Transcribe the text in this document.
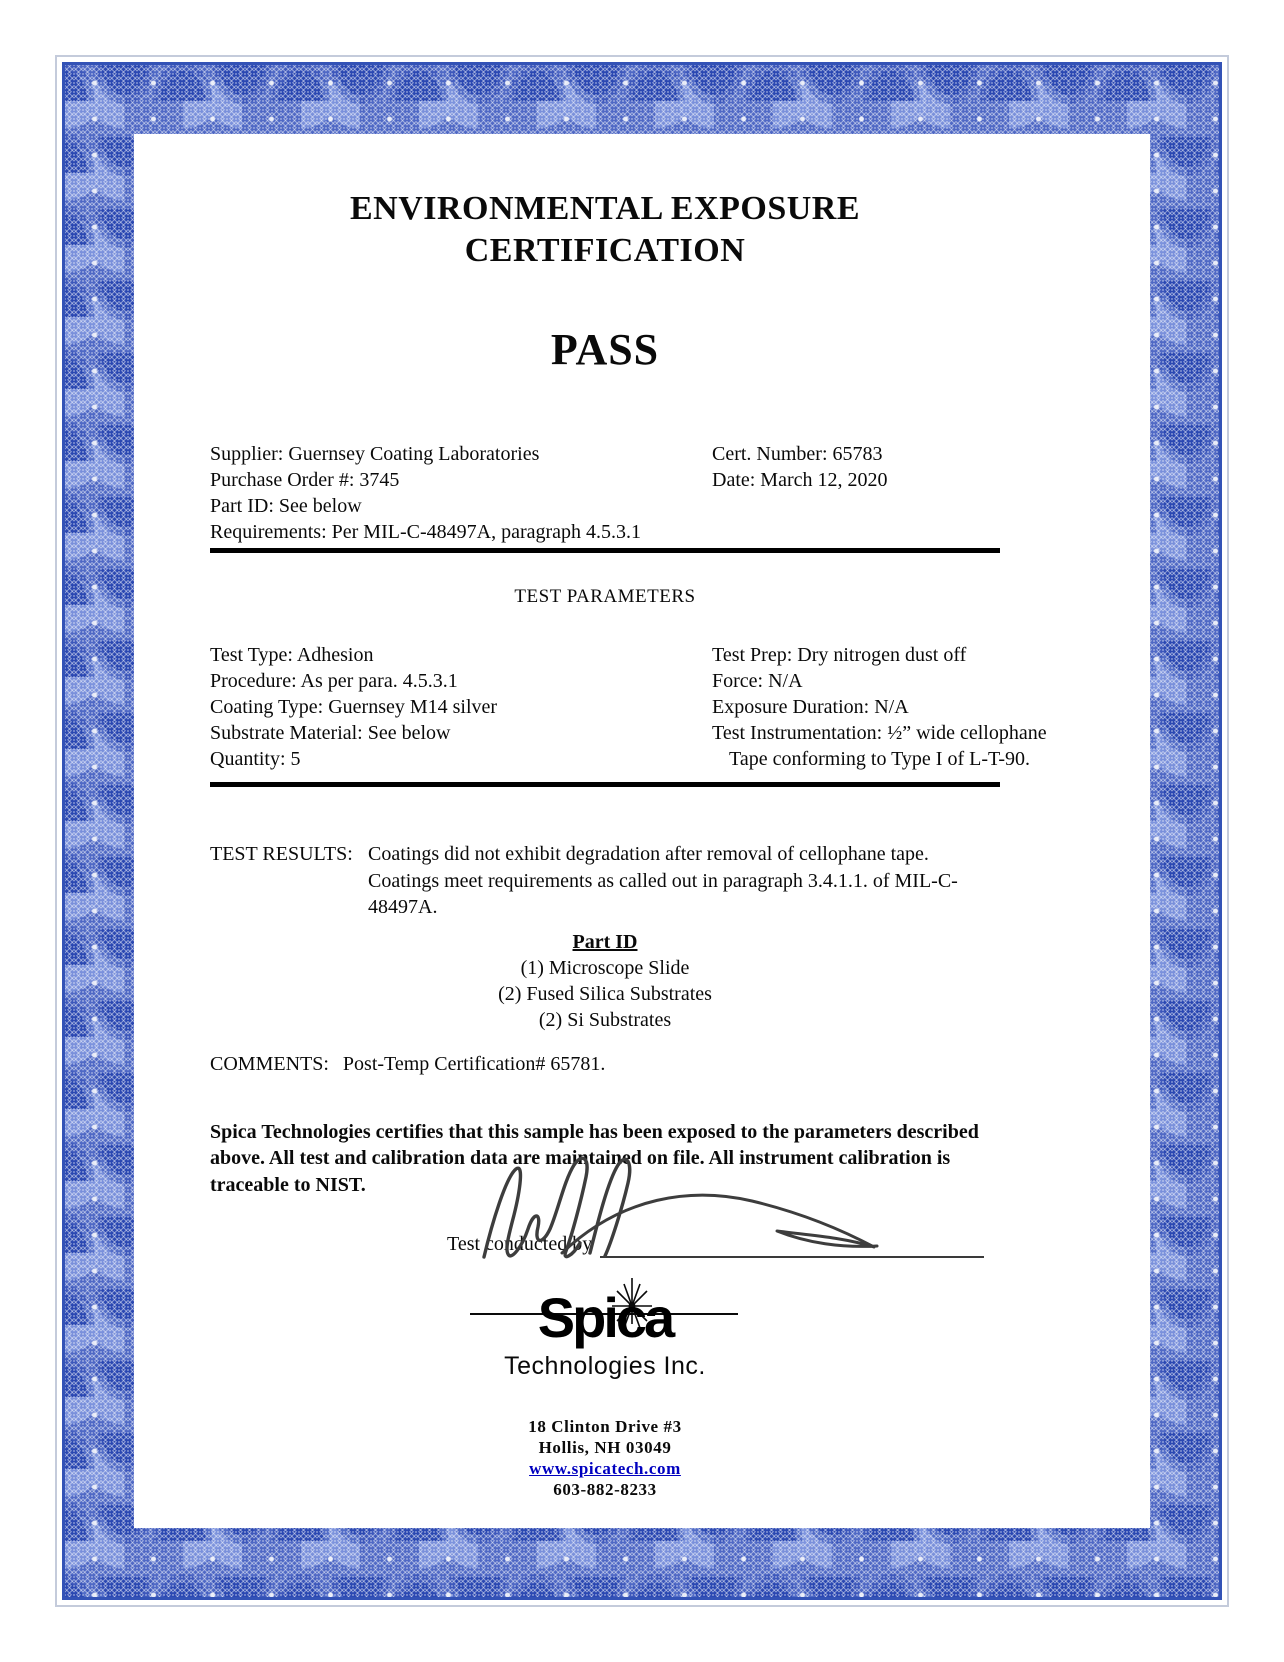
ENVIRONMENTAL EXPOSURE
CERTIFICATION
PASS
Supplier: Guernsey Coating Laboratories
Purchase Order #: 3745
Part ID: See below
Requirements: Per MIL-C-48497A, paragraph 4.5.3.1
Cert. Number: 65783
Date: March 12, 2020
TEST PARAMETERS
Test Type: Adhesion
Procedure: As per para. 4.5.3.1
Coating Type: Guernsey M14 silver
Substrate Material: See below
Quantity: 5
Test Prep: Dry nitrogen dust off
Force: N/A
Exposure Duration: N/A
Test Instrumentation: ½” wide cellophane
Tape conforming to Type I of L-T-90.
TEST RESULTS: Coatings did not exhibit degradation after removal of cellophane tape. Coatings meet requirements as called out in paragraph 3.4.1.1. of MIL-C-48497A.
Part ID
(1) Microscope Slide
(2) Fused Silica Substrates
(2) Si Substrates
COMMENTS: Post-Temp Certification# 65781.
Spica Technologies certifies that this sample has been exposed to the parameters described above. All test and calibration data are maintained on file. All instrument calibration is traceable to NIST.
Test conducted by
Spica
Technologies Inc.
18 Clinton Drive #3
Hollis, NH 03049
www.spicatech.com
603-882-8233
